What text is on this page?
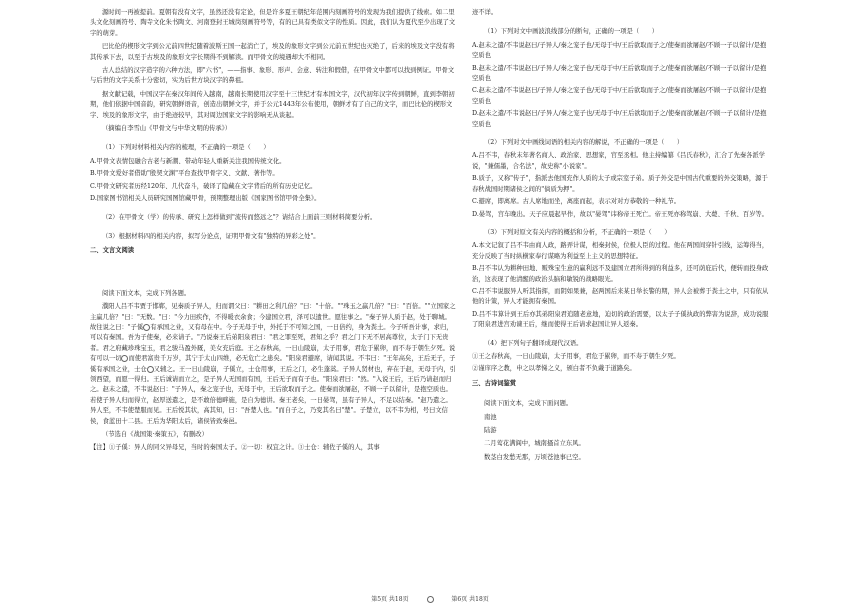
源时间一再被提前。夏朝有没有文字，虽然还没有定论，但是许多夏王朝纪年范围内刻画符号的发现为我们提供了线索。如二里头文化刻画符号、陶寺文化朱书陶文、河南登封王城岗刻画符号等，有的已具有类似文字的性质。因此，我们认为夏代至少出现了文字的萌芽。

巴比伦的楔形文字到公元前四世纪随着波斯王国一起消亡了，埃及的象形文字到公元前五世纪也灭绝了，后来的埃及文字没有将其传承下去，以至于古埃及的象形文字长期得不到解读。而甲骨文的境遇却大不相同。

古人总结的汉字造字的六种方法，即"六书"，——指事、象形、形声、会意、转注和假借，在甲骨文中都可以找到例证。甲骨文与后世的文字关系十分密切，实为后世方块汉字的鼻祖。

据文献记载，中国汉字在秦汉年间传入越南，越南长期使用汉字至十三世纪才有本国文字，汉代初年汉字传到朝鲜，直到李朝初期，他们依据中国音韵，研究朝鲜语音，创造出朝鲜文字，并于公元1443年公布使用，朝鲜才有了自己的文字，而巴比伦的楔形文字、埃及的象形文字，由于绝迹较早，其对周边国家文字的影响无从谈起。

（摘编自李雪山《甲骨文与中华文明的传承》）

（1）下列对材料相关内容的梳理，不正确的一项是（　　）

A.甲骨文表情包融合古老与新潮、带动年轻人重新关注我国传统文化。

B.甲骨文爱好者借助"殷契文渊"平台查找甲骨字义、文献、著作等。

C.甲骨文研究者历经120年、几代奋斗，破译了隐藏在文字背后的所有历史记忆。

D.国家图书馆相关人员研究国图馆藏甲骨，预期整理出版《国家图书馆甲骨全集》。

（2）在甲骨文（学）的传承、研究上怎样做到"流传而悠远之"？请结合上面前三则材料简要分析。

（3）根据材料四的相关内容，拟写分论点，证明甲骨文有"独特的异彩之处"。

二、文言文阅读

阅读下面文本，完成下列各题。

濮阳人吕不韦贾于邯郸，见秦质子异人，归而谓父曰："耕田之利几倍？"曰："十倍。""珠玉之赢几倍？"曰："百倍。""立国家之主赢几倍？"曰："无数。"曰："今力田疾作，不得暖衣余食；今建国立君，泽可以遗世。愿往事之。"秦子异人质于赵，处于聊城。故往说之曰："子傒 有承国之业，又有母在中。今子无母于中，外托于不可知之国，一日倍约，身为粪土。今子听吾计事，求归，可以有秦国。吾为子使秦，必来请子。"乃说秦王后弟阳泉君曰："君之罪至死，君知之乎？君之门下无不居高尊位，太子门下无贵者。君之府藏珍珠宝玉，君之骏马盈外厩，美女充后庭。王之春秋高，一日山陵崩，太子用事，君危于累卵，而不寿于朝生夕死。说有可以一切 而使君富贵千万岁，其宁于太山四维，必无危亡之患矣。"阳泉君避席，请闻其说。不韦曰："王年高矣，王后无子，子傒有承国之业，士仓 又辅之。王一日山陵崩，子傒立，士仓用事，王后之门，必生蓬蒿。子异人贤材也，弃在于赵，无母于内，引领西望，而愿一得归。王后诚请而立之，是子异人无国而有国，王后无子而有子也。"阳泉君曰："然。"入说王后，王后乃请赵而归之。赵未之遣，不韦说赵曰："子异人，秦之宠子也，无母于中，王后欲取而子之。使秦而欲屠赵，不顾一子以留计，是抱空质也。若使子异人归而得立，赵厚送遣之，是不敢倍德畔施，是自为德讲。秦王老矣，一日晏驾，虽有子异人，不足以结秦。"赵乃遣之。异人至，不韦使楚服而见。王后悦其状，高其知，曰："吾楚人也。"而自子之，乃变其名曰"楚"。子楚立，以不韦为相，号曰文信侯，食蓝田十二县。王后为华阳太后，诸侯皆致秦邑。

（节选自《战国策·秦策五》，有删改）

【注】①子傒：异人的同父异母兄，当时的秦国太子。②一切：权宜之计。③士仓：辅佐子傒的人，其事

迹不详。

（1）下列对文中画波浪线部分的断句，正确的一项是（　　）

A.赵未之遣/不韦说赵曰/子异人/秦之宠子也/无母于中/王后欲取而子之/使秦而欲屠赵/不顾一子以留计/是抱空质也

B.赵未之遣/不韦说赵曰/子异人/秦之宠子也/无母于中/王后欲取而子之/使秦而欲屠赵/不顾一子以留计/是抱空质也

C.赵未之遣/不韦说赵曰/子异人/秦之宠子也/无母于中/王后欲取而子之/使秦而欲屠赵/不顾一子以留计/是抱空质也

D.赵未之遣/不韦说赵曰/子异人/秦之宠子也/无母于中/王后欲取而子之/使秦而欲屠赵/不顾一子以留计/是抱空质也

（2）下列对文中画线词语的相关内容的解说，不正确的一项是（　　）

A.吕不韦，春秋末年著名商人、政治家、思想家，官至丞相。他主持编纂《吕氏春秋》，汇合了先秦各派学说，"兼儒墨，合名法"，故史称"小说家"。

B.质子，又称"传子"，指派去他国充作人质的太子或宗室子弟。质子外交是中国古代重要的外交策略，源于春秋战国时期诸侯之间的"倘质为押"。

C.避席，即离席。古人席地而坐，离座而起，表示对对方恭敬的一种礼节。

D.晏驾，宫车晚出。天子应晨起早作，故以"晏驾"讳称帝王死亡。帝王死亦称驾崩、大薨、千秋、百岁等。

（3）下列对原文有关内容的概括和分析，不正确的一项是（　　）

A.本文记叙了吕不韦由商人政，路弄计谋，相秦封侯，位极人臣的过程。他在两国间穿针引线，运筹得当，充分反映了当时纵横家奉行谋略为利益至上主义的思想特征。

B.吕不韦认为耕种田地、贩殊宝生意的赢利远不及建国立君所得到的利益多，还可荫庇后代，便转而投身政治，这表现了他清醒的政治头脑和敏锐的战略眼光。

C.吕不韦说服异人听其指挥，而阴如果兼，赵两国后来某日举长警的期，异人会被葬于粪土之中，只有依从他的计策，异人才能拥有秦国。

D.吕不韦算计到王后亦其弟阳泉君追随老意地，迫切的政治需要，以太子子傒执政的弊害为说辞，成功说服了阳泉君进宫劝谏王后，继而使得王后请求赵国让异人返秦。

（4）把下列句子翻译成现代汉语。

①王之春秋高，一日山陵崩，太子用事，君危于累卵，而不寿于朝生夕死。

②谨庠序之教，申之以孝悌之义，颁白者不负戴于道路矣。

三、古诗词鉴赏

阅读下面文本，完成下面问题。

南池

陆游

二月莺花满阆中，城南搔首立东风。

数茎白发愁无那，万顷苍池事已空。

第5页 共18页	第6页 共18页
